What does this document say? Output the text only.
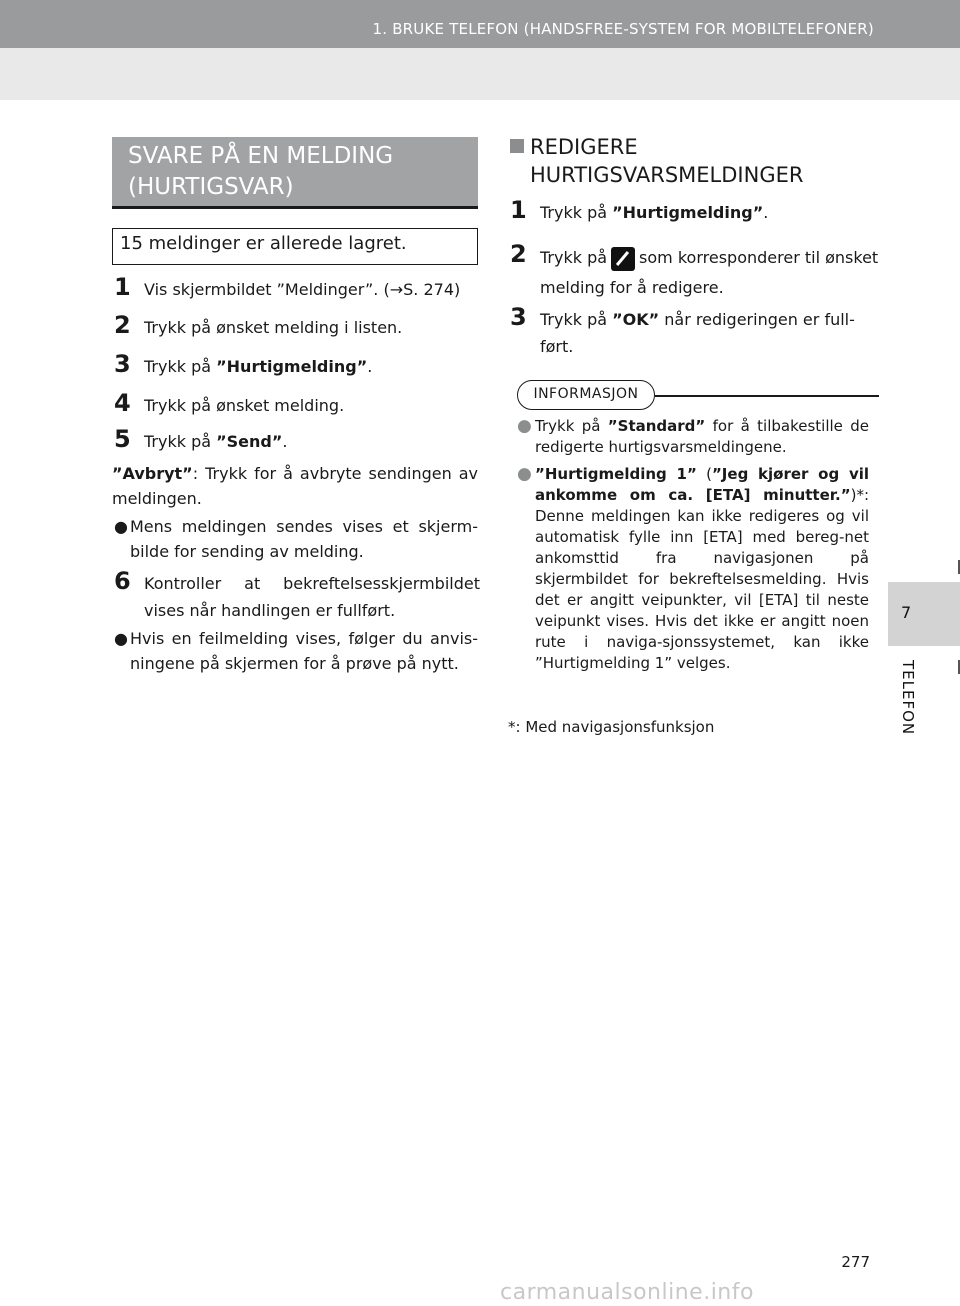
1. BRUKE TELEFON (HANDSFREE-SYSTEM FOR MOBILTELEFONER)
7
TELEFON
SVARE PÅ EN MELDING (HURTIGSVAR)
15 meldinger er allerede lagret.
1 Vis skjermbildet ”Meldinger”. (→S. 274)
2 Trykk på ønsket melding i listen.
3 Trykk på ”Hurtigmelding”.
4 Trykk på ønsket melding.
5 Trykk på ”Send”.
”Avbryt”: Trykk for å avbryte sendingen av meldingen.
● Mens meldingen sendes vises et skjerm-bilde for sending av melding.
6 Kontroller at bekreftelsesskjermbildet vises når handlingen er fullført.
● Hvis en feilmelding vises, følger du anvis-ningene på skjermen for å prøve på nytt.
REDIGERE HURTIGSVARSMELDINGER
1 Trykk på ”Hurtigmelding”.
2 Trykk på som korresponderer til ønsket melding for å redigere.
3 Trykk på ”OK” når redigeringen er full-ført.
INFORMASJON
● Trykk på ”Standard” for å tilbakestille de redigerte hurtigsvarsmeldingene.
● ”Hurtigmelding 1” (”Jeg kjører og vil ankomme om ca. [ETA] minutter.”)*: Denne meldingen kan ikke redigeres og vil automatisk fylle inn [ETA] med bereg-net ankomsttid fra navigasjonen på skjermbildet for bekreftelsesmelding. Hvis det er angitt veipunkter, vil [ETA] til neste veipunkt vises. Hvis det ikke er angitt noen rute i naviga-sjonssystemet, kan ikke ”Hurtigmelding 1” velges.
*: Med navigasjonsfunksjon
277
carmanualsonline.info
